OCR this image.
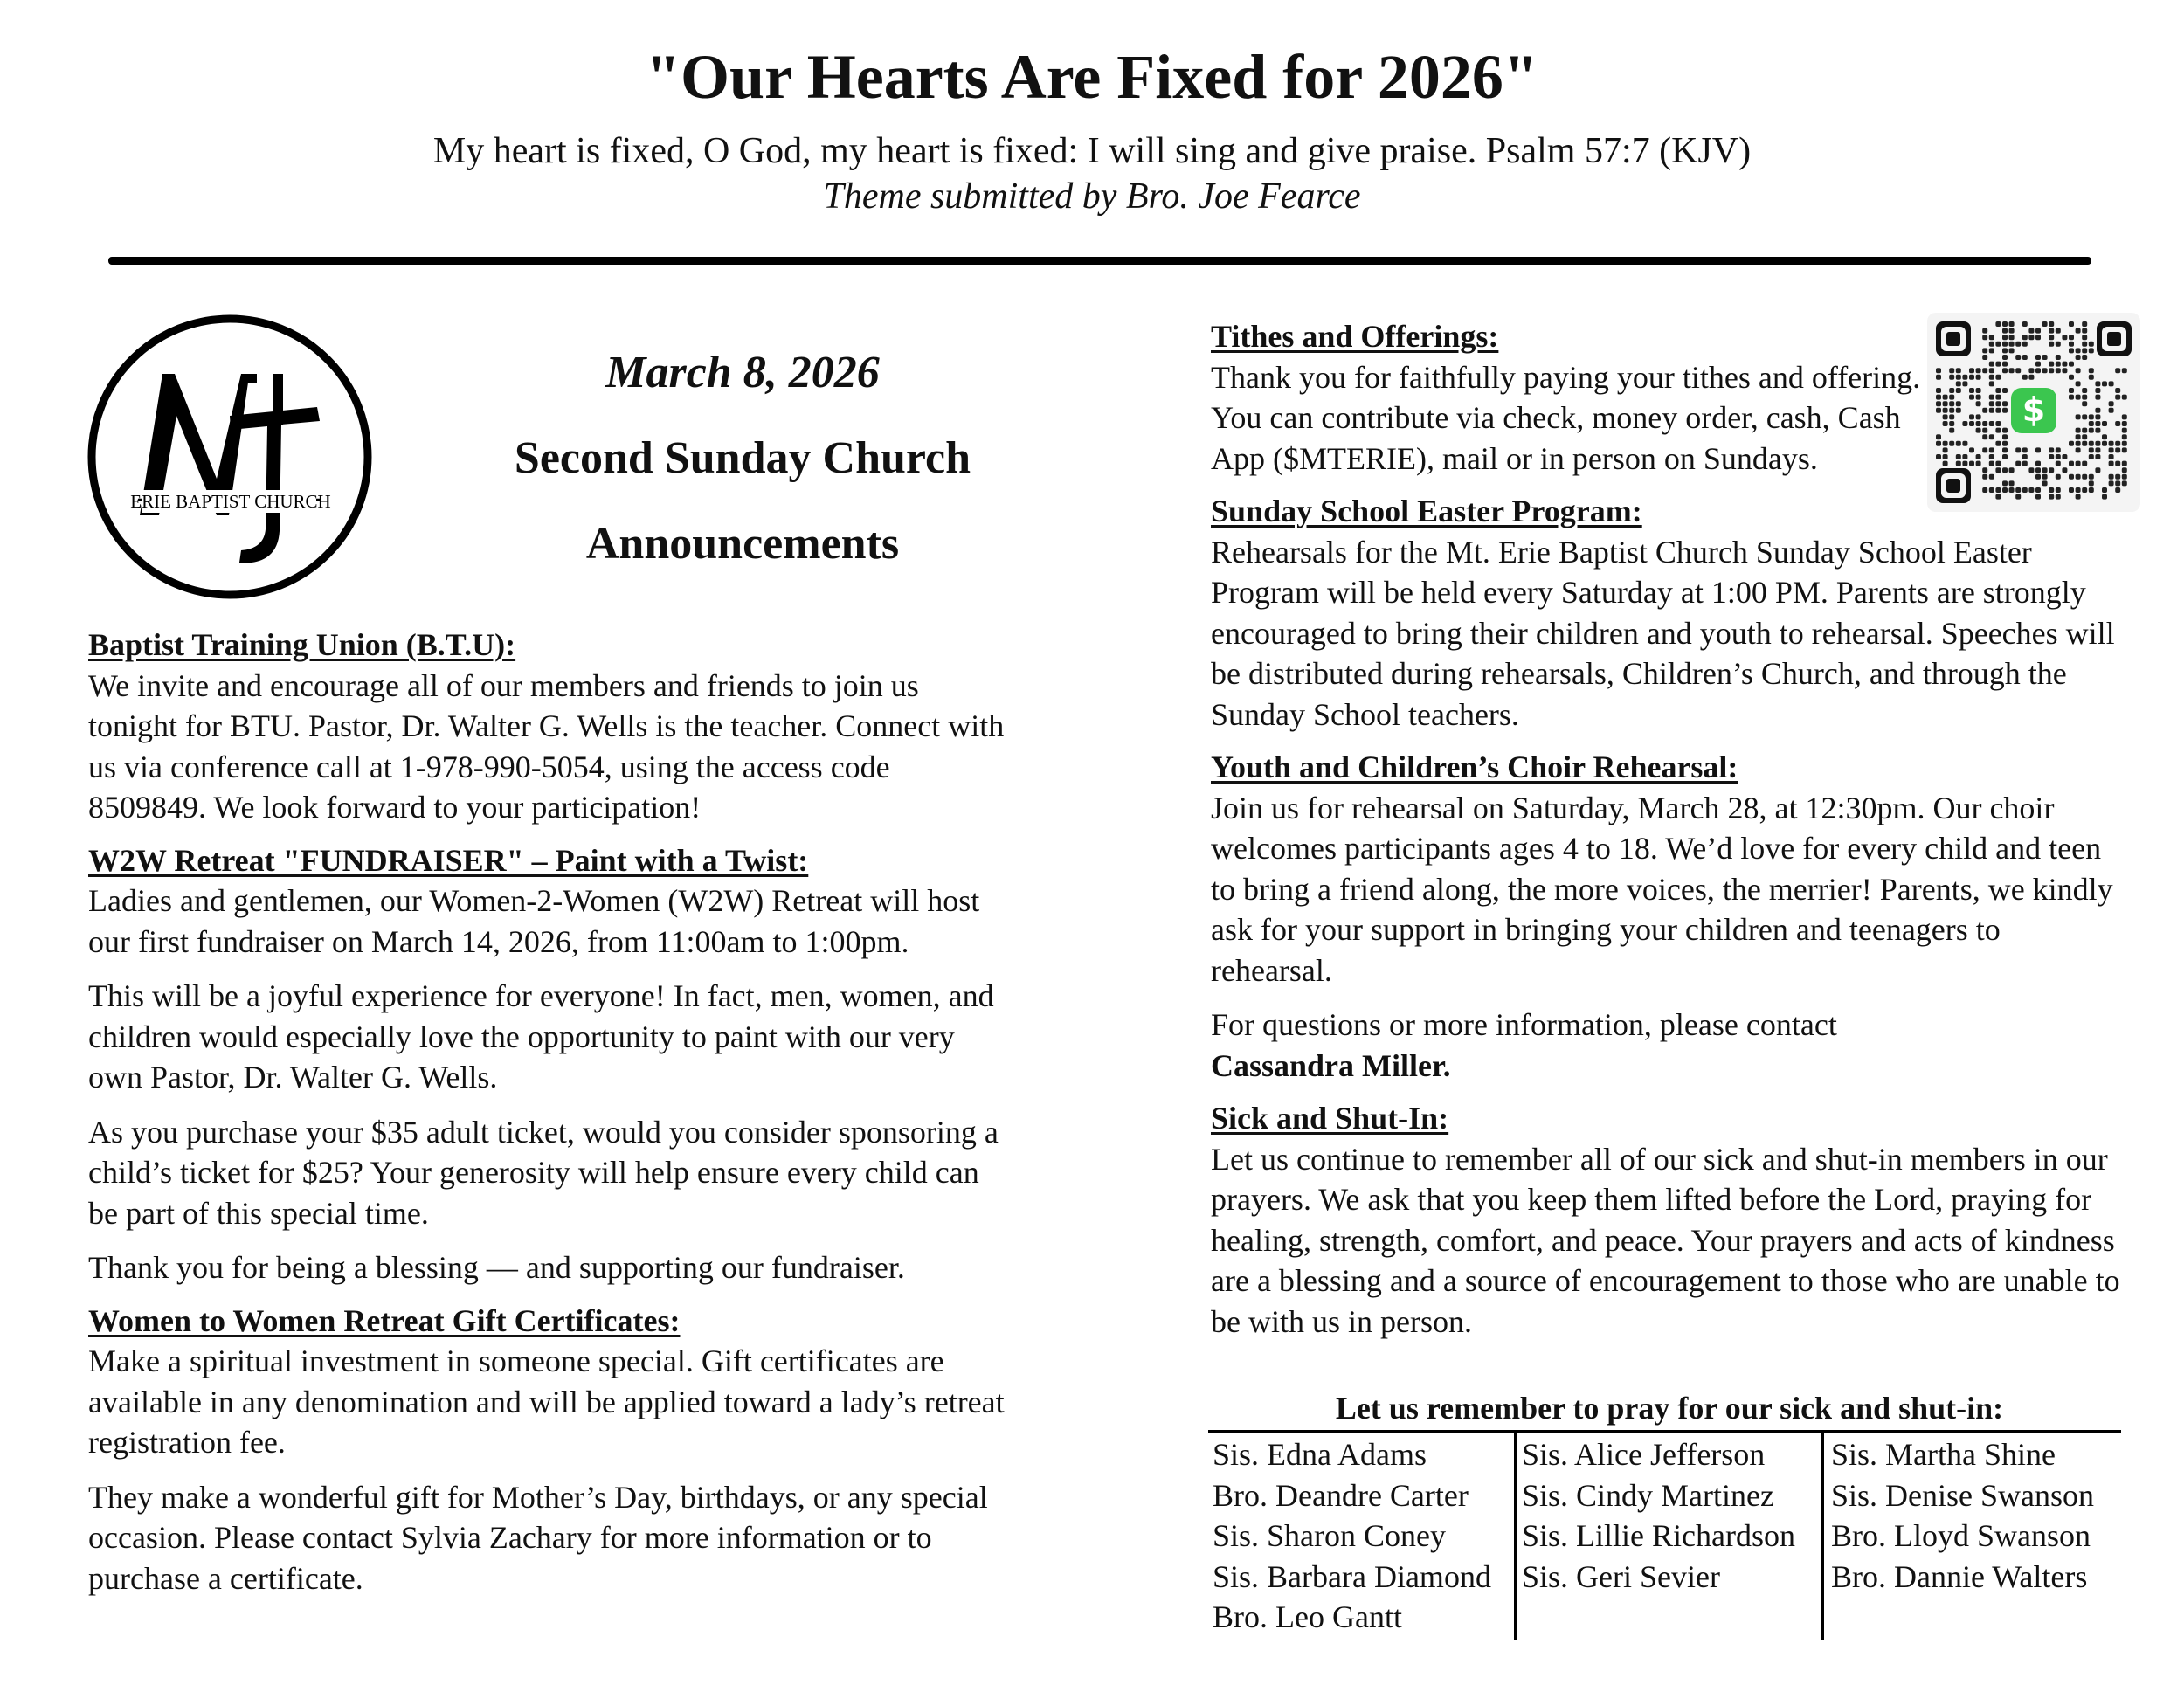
"Our Hearts Are Fixed for 2026"
My heart is fixed, O God, my heart is fixed: I will sing and give praise. Psalm 57:7 (KJV)
Theme submitted by Bro. Joe Fearce
ERIE BAPTIST CHURCH
March 8, 2026
Second Sunday Church
Announcements
Baptist Training Union (B.T.U):

We invite and encourage all of our members and friends to join us tonight for BTU. Pastor, Dr. Walter G. Wells is the teacher. Connect with us via conference call at 1-978-990-5054, using the access code 8509849. We look forward to your participation!

W2W Retreat "FUNDRAISER" – Paint with a Twist:

Ladies and gentlemen, our Women-2-Women (W2W) Retreat will host our first fundraiser on March 14, 2026, from 11:00am to 1:00pm.

This will be a joyful experience for everyone! In fact, men, women, and children would especially love the opportunity to paint with our very own Pastor, Dr. Walter G. Wells.

As you purchase your $35 adult ticket, would you consider sponsoring a child’s ticket for $25? Your generosity will help ensure every child can be part of this special time.

Thank you for being a blessing — and supporting our fundraiser.

Women to Women Retreat Gift Certificates:

Make a spiritual investment in someone special. Gift certificates are available in any denomination and will be applied toward a lady’s retreat registration fee.

They make a wonderful gift for Mother’s Day, birthdays, or any special occasion. Please contact Sylvia Zachary for more information or to purchase a certificate.

$
Tithes and Offerings:

Thank you for faithfully paying your tithes and offering. You can contribute via check, money order, cash, Cash App ($MTERIE), mail or in person on Sundays.

Sunday School Easter Program:

Rehearsals for the Mt. Erie Baptist Church Sunday School Easter Program will be held every Saturday at 1:00 PM. Parents are strongly encouraged to bring their children and youth to rehearsal. Speeches will be distributed during rehearsals, Children’s Church, and through the Sunday School teachers.

Youth and Children’s Choir Rehearsal:

Join us for rehearsal on Saturday, March 28, at 12:30pm. Our choir welcomes participants ages 4 to 18. We’d love for every child and teen to bring a friend along, the more voices, the merrier! Parents, we kindly ask for your support in bringing your children and teenagers to rehearsal.

For questions or more information, please contact

Cassandra Miller.

Sick and Shut-In:

Let us continue to remember all of our sick and shut-in members in our prayers. We ask that you keep them lifted before the Lord, praying for healing, strength, comfort, and peace. Your prayers and acts of kindness are a blessing and a source of encouragement to those who are unable to be with us in person.

Let us remember to pray for our sick and shut-in:
Sis. Edna Adams
Bro. Deandre Carter
Sis. Sharon Coney
Sis. Barbara Diamond
Bro. Leo Gantt
Sis. Alice Jefferson
Sis. Cindy Martinez
Sis. Lillie Richardson
Sis. Geri Sevier
Sis. Martha Shine
Sis. Denise Swanson
Bro. Lloyd Swanson
Bro. Dannie Walters
